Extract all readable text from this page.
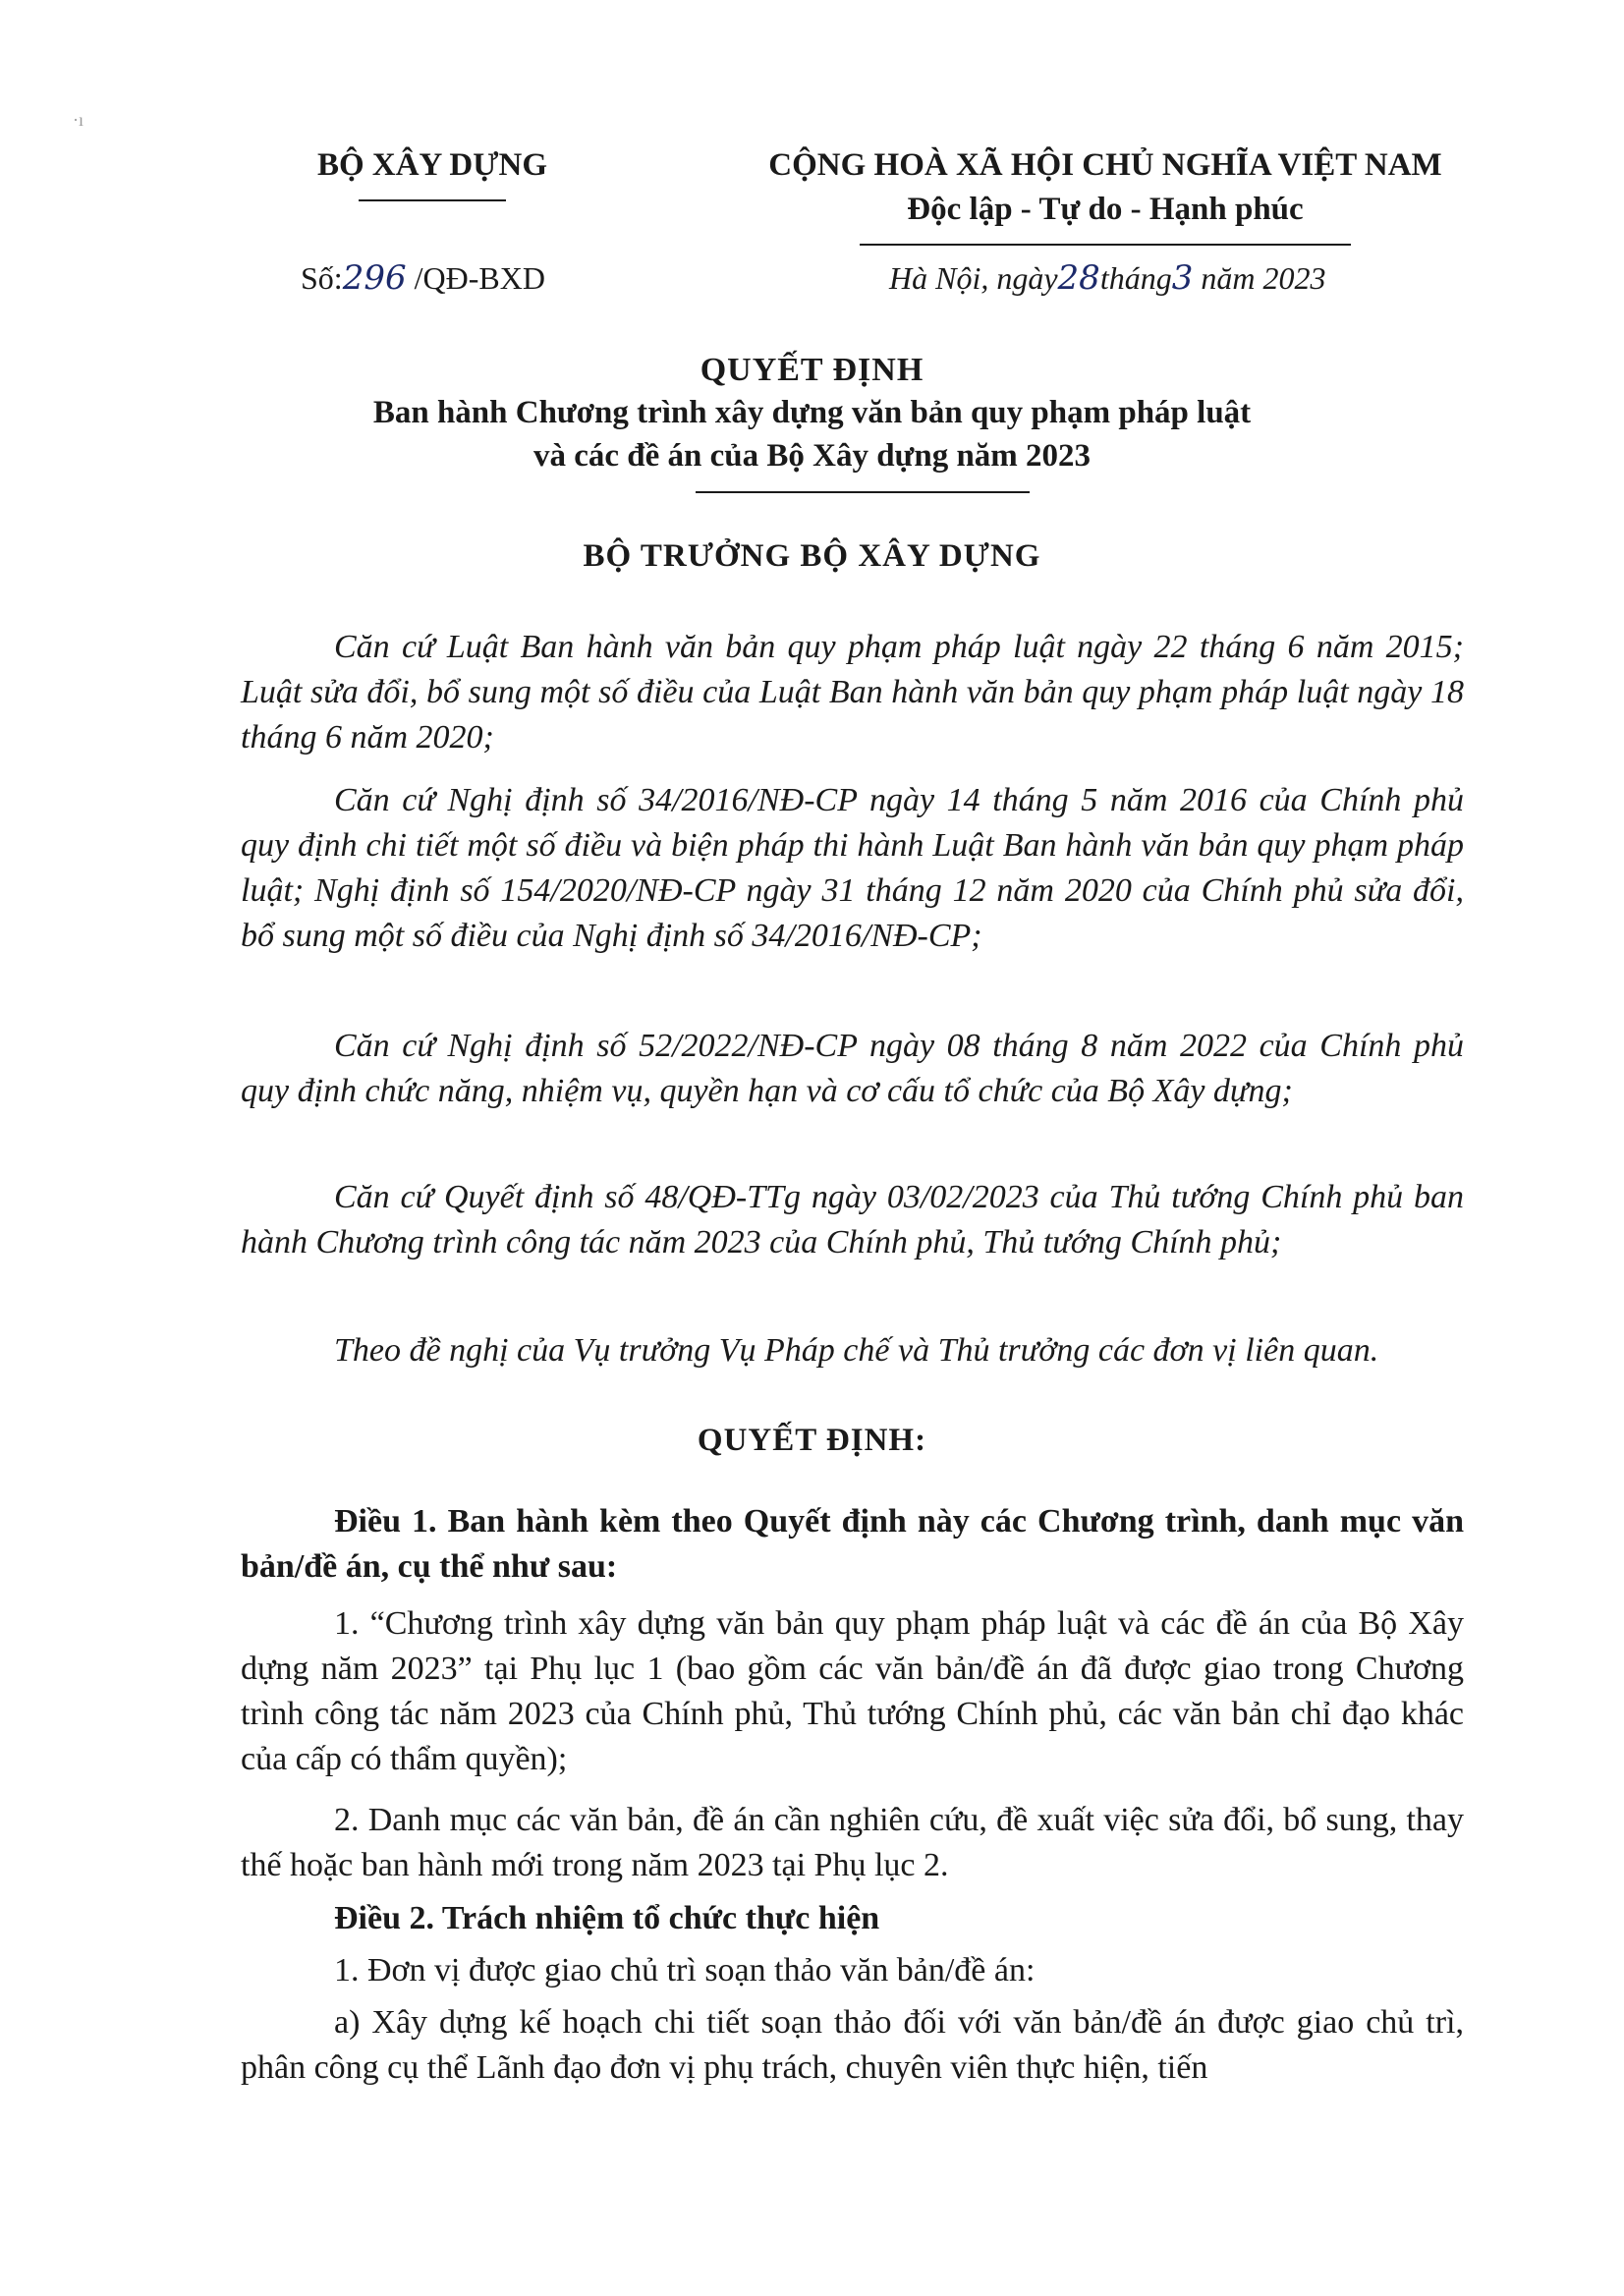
·ı
BỘ XÂY DỰNG
Số:296 /QĐ-BXD
CỘNG HOÀ XÃ HỘI CHỦ NGHĨA VIỆT NAM
Độc lập - Tự do - Hạnh phúc
Hà Nội, ngày28tháng3 năm 2023
QUYẾT ĐỊNH
Ban hành Chương trình xây dựng văn bản quy phạm pháp luật
và các đề án của Bộ Xây dựng năm 2023
BỘ TRƯỞNG BỘ XÂY DỰNG
Căn cứ Luật Ban hành văn bản quy phạm pháp luật ngày 22 tháng 6 năm 2015; Luật sửa đổi, bổ sung một số điều của Luật Ban hành văn bản quy phạm pháp luật ngày 18 tháng 6 năm 2020;
Căn cứ Nghị định số 34/2016/NĐ-CP ngày 14 tháng 5 năm 2016 của Chính phủ quy định chi tiết một số điều và biện pháp thi hành Luật Ban hành văn bản quy phạm pháp luật; Nghị định số 154/2020/NĐ-CP ngày 31 tháng 12 năm 2020 của Chính phủ sửa đổi, bổ sung một số điều của Nghị định số 34/2016/NĐ-CP;
Căn cứ Nghị định số 52/2022/NĐ-CP ngày 08 tháng 8 năm 2022 của Chính phủ quy định chức năng, nhiệm vụ, quyền hạn và cơ cấu tổ chức của Bộ Xây dựng;
Căn cứ Quyết định số 48/QĐ-TTg ngày 03/02/2023 của Thủ tướng Chính phủ ban hành Chương trình công tác năm 2023 của Chính phủ, Thủ tướng Chính phủ;
Theo đề nghị của Vụ trưởng Vụ Pháp chế và Thủ trưởng các đơn vị liên quan.
QUYẾT ĐỊNH:
Điều 1. Ban hành kèm theo Quyết định này các Chương trình, danh mục văn bản/đề án, cụ thể như sau:
1. “Chương trình xây dựng văn bản quy phạm pháp luật và các đề án của Bộ Xây dựng năm 2023” tại Phụ lục 1 (bao gồm các văn bản/đề án đã được giao trong Chương trình công tác năm 2023 của Chính phủ, Thủ tướng Chính phủ, các văn bản chỉ đạo khác của cấp có thẩm quyền);
2. Danh mục các văn bản, đề án cần nghiên cứu, đề xuất việc sửa đổi, bổ sung, thay thế hoặc ban hành mới trong năm 2023 tại Phụ lục 2.
Điều 2. Trách nhiệm tổ chức thực hiện
1. Đơn vị được giao chủ trì soạn thảo văn bản/đề án:
a) Xây dựng kế hoạch chi tiết soạn thảo đối với văn bản/đề án được giao chủ trì, phân công cụ thể Lãnh đạo đơn vị phụ trách, chuyên viên thực hiện, tiến
